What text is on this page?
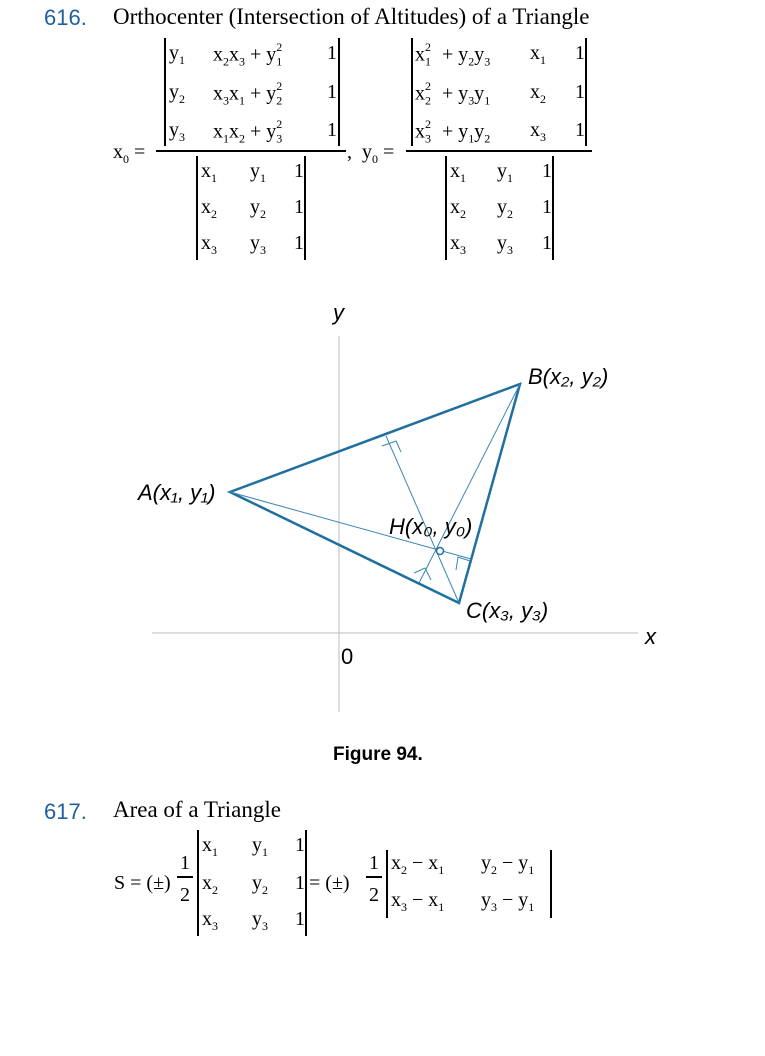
616. Orthocenter (Intersection of Altitudes) of a Triangle
$x_0$ =
$y_1$ $x_2x_3 + y_1^2$	1
$y_2$ $x_3x_1 + y_2^2$	1
$y_3$ $x_1x_2 + y_3^2$	1
$x_1$ $y_1$ 1
$x_2$ $y_2$ 1
$x_3$ $y_3$ 1
, $y_0$ =
$x_1^2 + y_2y_3$ $x_1$ 1
$x_2^2 + y_3y_1$ $x_2$ 1
$x_3^2 + y_1y_2$ $x_3$ 1
$x_1$ $y_1$ 1
$x_2$ $y_2$ 1
$x_3$ $y_3$ 1
y
x
0
A(x₁, y₁)
B(x₂, y₂)
C(x₃, y₃)
H(x₀, y₀)
Figure 94.
617. Area of a Triangle
S = (±)
1
2
$x_1$ $y_1$ 1
$x_2$ $y_2$ 1
$x_3$ $y_3$ 1
= (±)
1
2
$x_2 - x_1$ $y_2 - y_1$
$x_3 - x_1$ $y_3 - y_1$
